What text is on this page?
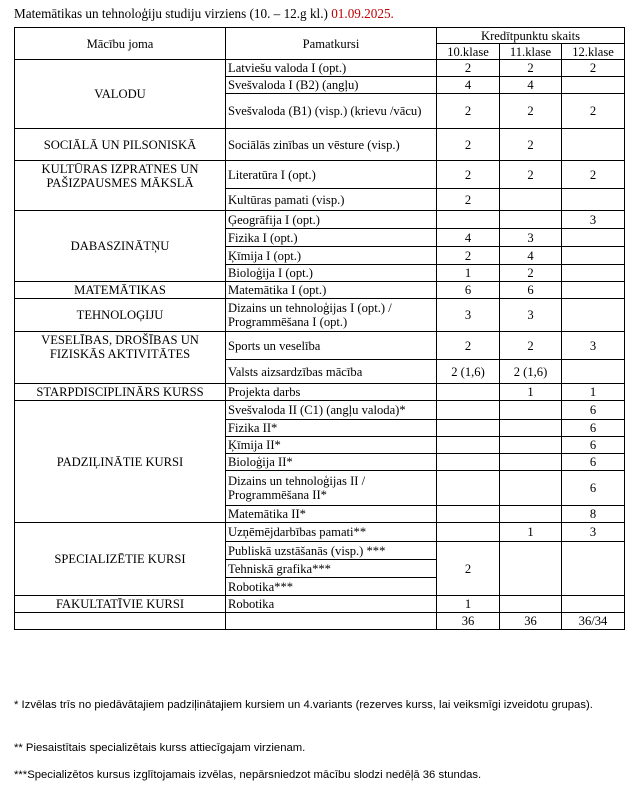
Matemātikas un tehnoloģiju studiju virziens (10. – 12.g kl.) 01.09.2025.
Mācību joma	Pamatkursi	Kredītpunktu skaits		
		10.klase	11.klase	12.klase
VALODU	Latviešu valoda I (opt.)	2	2	2
	Svešvaloda I (B2) (angļu)	4	4	
	Svešvaloda (B1) (visp.) (krievu /vācu)	2	2	2
SOCIĀLĀ UN PILSONISKĀ	Sociālās zinības un vēsture (visp.)	2	2	
KULTŪRAS IZPRATNES UN PAŠIZPAUSMES MĀKSLĀ	Literatūra I (opt.)	2	2	2
	Kultūras pamati (visp.)	2		
DABASZINĀTŅU	Ģeogrāfija I (opt.)			3
	Fizika I (opt.)	4	3	
	Ķīmija I (opt.)	2	4	
	Bioloģija I (opt.)	1	2	
MATEMĀTIKAS	Matemātika I (opt.)	6	6	
TEHNOLOĢIJU	Dizains un tehnoloģijas I (opt.) / Programmēšana I (opt.)	3	3	
VESELĪBAS, DROŠĪBAS UN FIZISKĀS AKTIVITĀTES	Sports un veselība	2	2	3
	Valsts aizsardzības mācība	2 (1,6)	2 (1,6)	
STARPDISCIPLINĀRS KURSS	Projekta darbs		1	1
PADZIĻINĀTIE KURSI	Svešvaloda II (C1) (angļu valoda)*			6
	Fizika II*			6
	Ķīmija II*			6
	Bioloģija II*			6
	Dizains un tehnoloģijas II / Programmēšana II*			6
	Matemātika II*			8
SPECIALIZĒTIE KURSI	Uzņēmējdarbības pamati**		1	3
	Publiskā uzstāšanās (visp.) ***	2		
	Tehniskā grafika***			
	Robotika***			
FAKULTATĪVIE KURSI	Robotika	1		
		36	36	36/34
* Izvēlas trīs no piedāvātajiem padziļinātajiem kursiem un 4.variants (rezerves kurss, lai veiksmīgi izveidotu grupas).
** Piesaistītais specializētais kurss attiecīgajam virzienam.
***Specializētos kursus izglītojamais izvēlas, nepārsniedzot mācību slodzi nedēļā 36 stundas.
